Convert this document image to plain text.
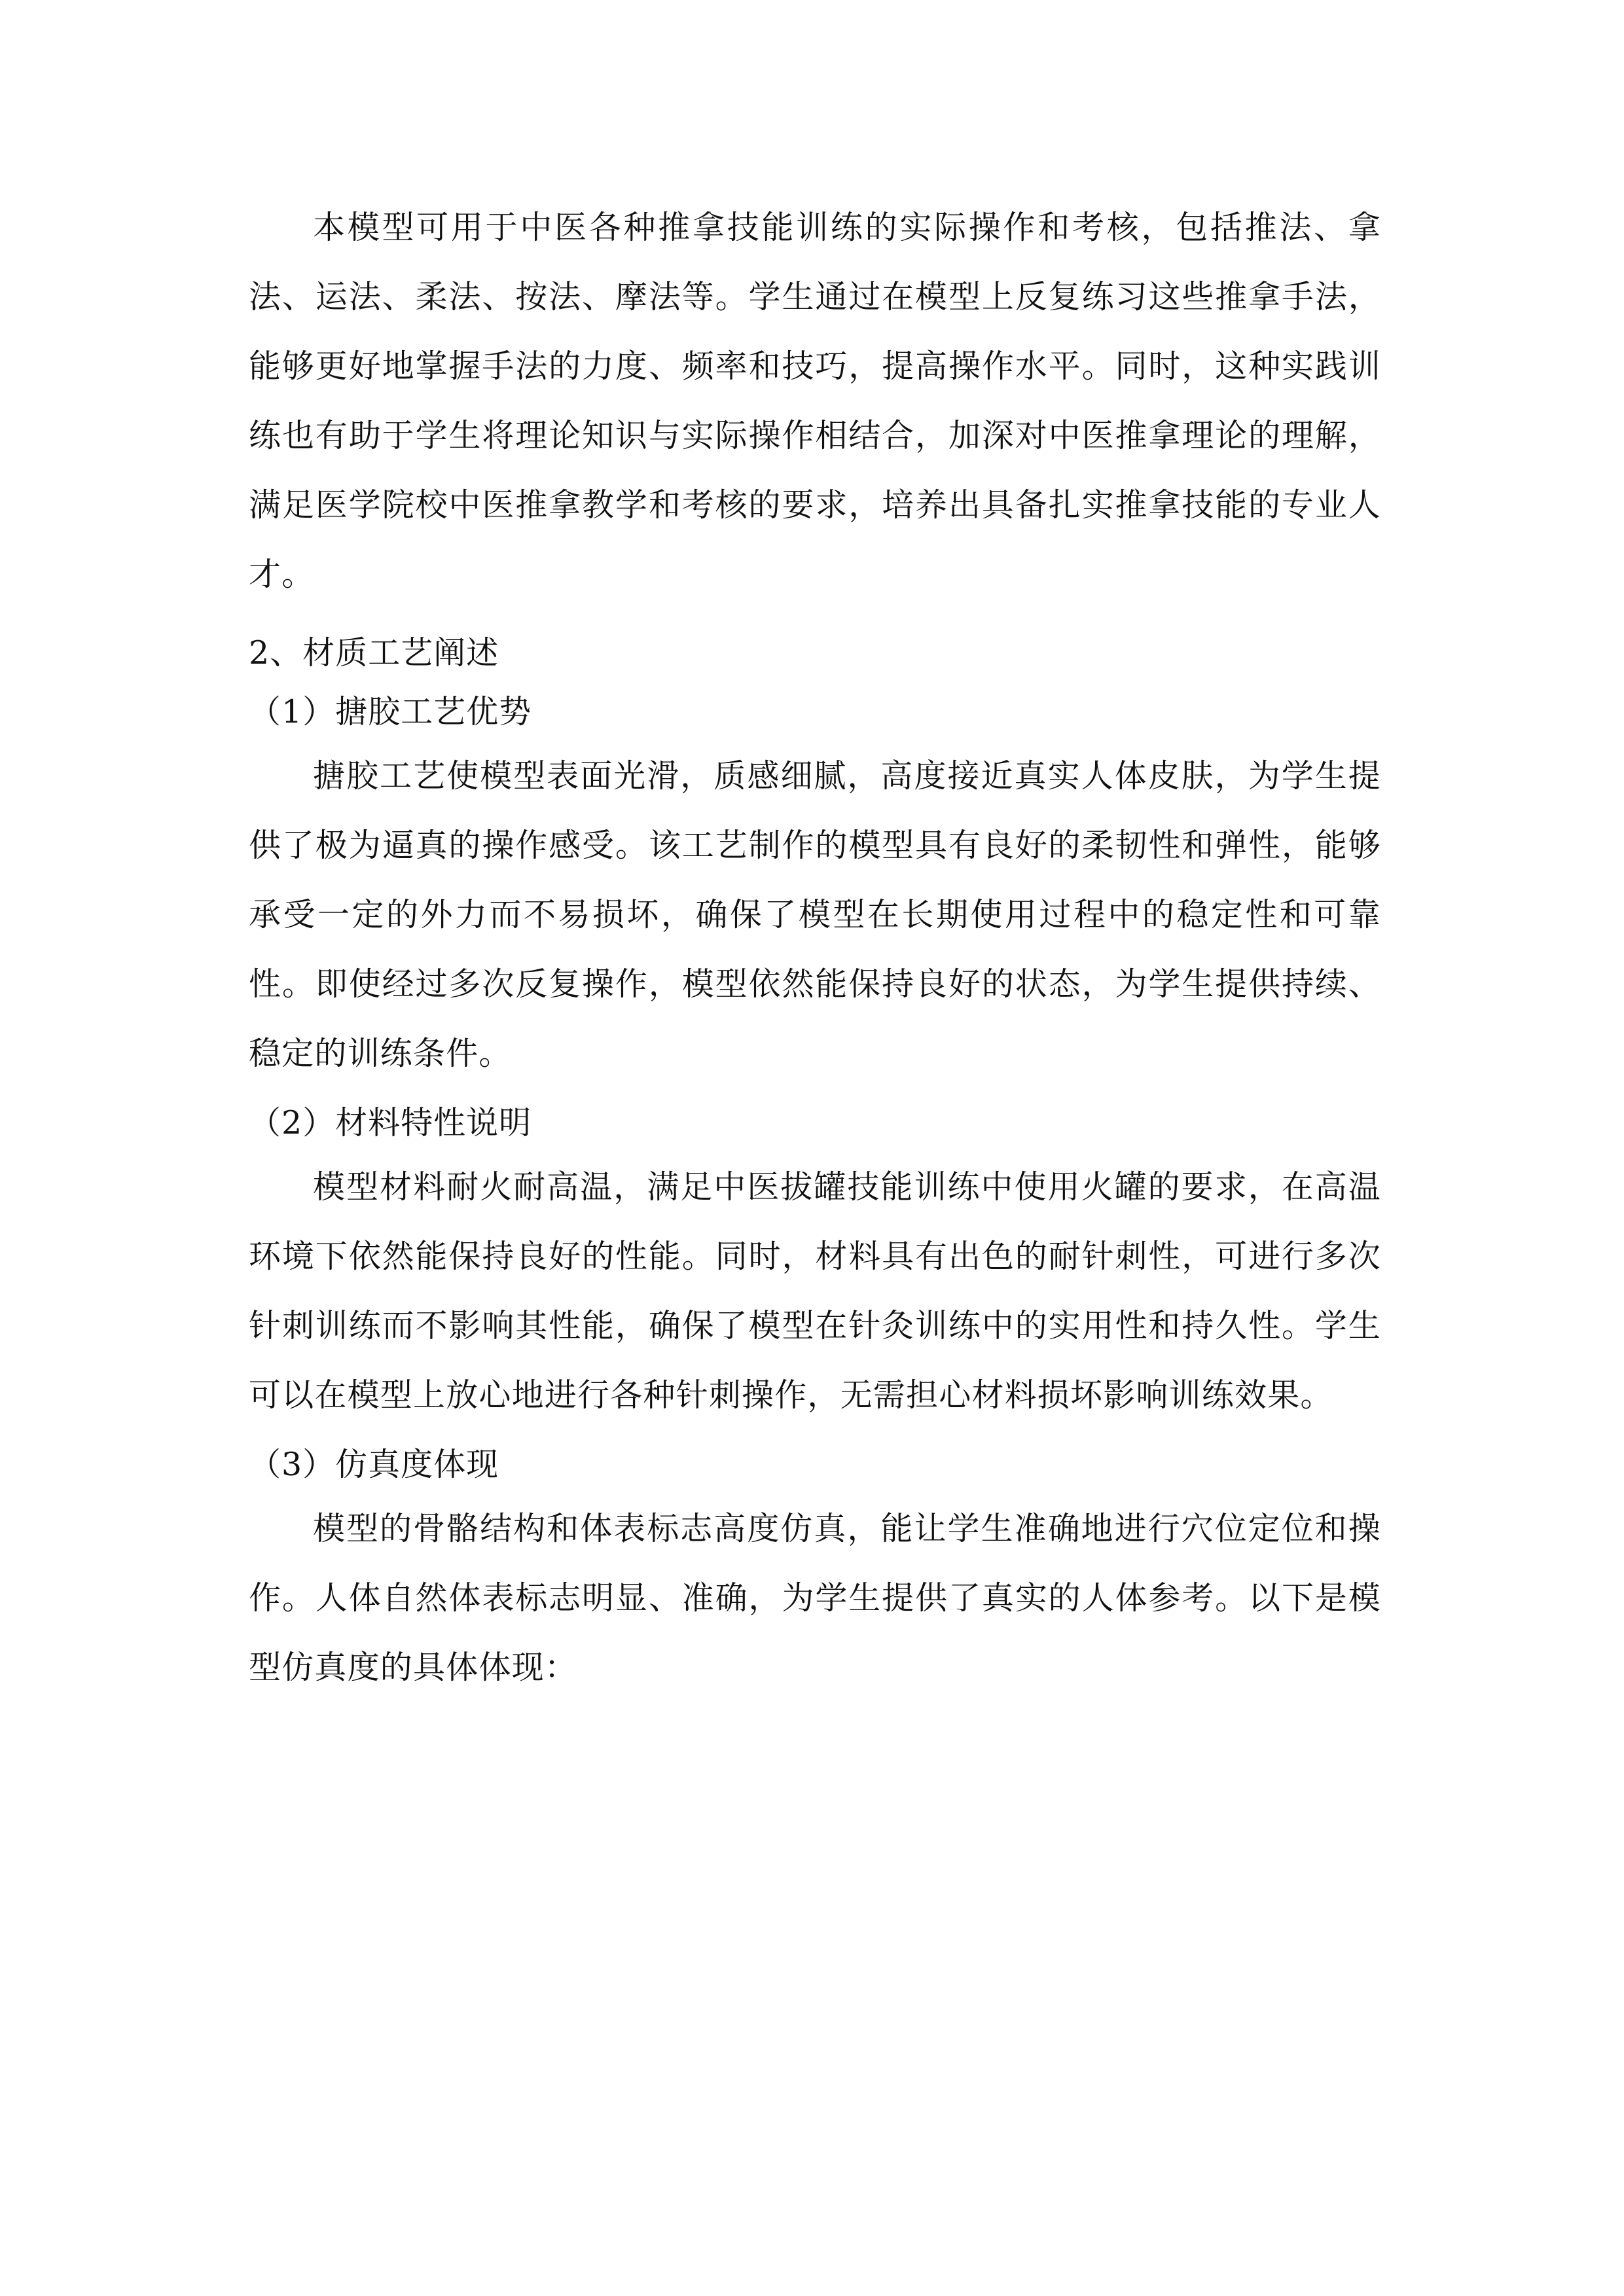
本模型可用于中医各种推拿技能训练的实际操作和考核，包括推法、拿法、运法、柔法、按法、摩法等。学生通过在模型上反复练习这些推拿手法，能够更好地掌握手法的力度、频率和技巧，提高操作水平。同时，这种实践训练也有助于学生将理论知识与实际操作相结合，加深对中医推拿理论的理解，满足医学院校中医推拿教学和考核的要求，培养出具备扎实推拿技能的专业人才。

2、材质工艺阐述

（1）搪胶工艺优势

搪胶工艺使模型表面光滑，质感细腻，高度接近真实人体皮肤，为学生提供了极为逼真的操作感受。该工艺制作的模型具有良好的柔韧性和弹性，能够承受一定的外力而不易损坏，确保了模型在长期使用过程中的稳定性和可靠性。即使经过多次反复操作，模型依然能保持良好的状态，为学生提供持续、稳定的训练条件。

（2）材料特性说明

模型材料耐火耐高温，满足中医拔罐技能训练中使用火罐的要求，在高温环境下依然能保持良好的性能。同时，材料具有出色的耐针刺性，可进行多次针刺训练而不影响其性能，确保了模型在针灸训练中的实用性和持久性。学生可以在模型上放心地进行各种针刺操作，无需担心材料损坏影响训练效果。

（3）仿真度体现

模型的骨骼结构和体表标志高度仿真，能让学生准确地进行穴位定位和操作。人体自然体表标志明显、准确，为学生提供了真实的人体参考。以下是模型仿真度的具体体现：
